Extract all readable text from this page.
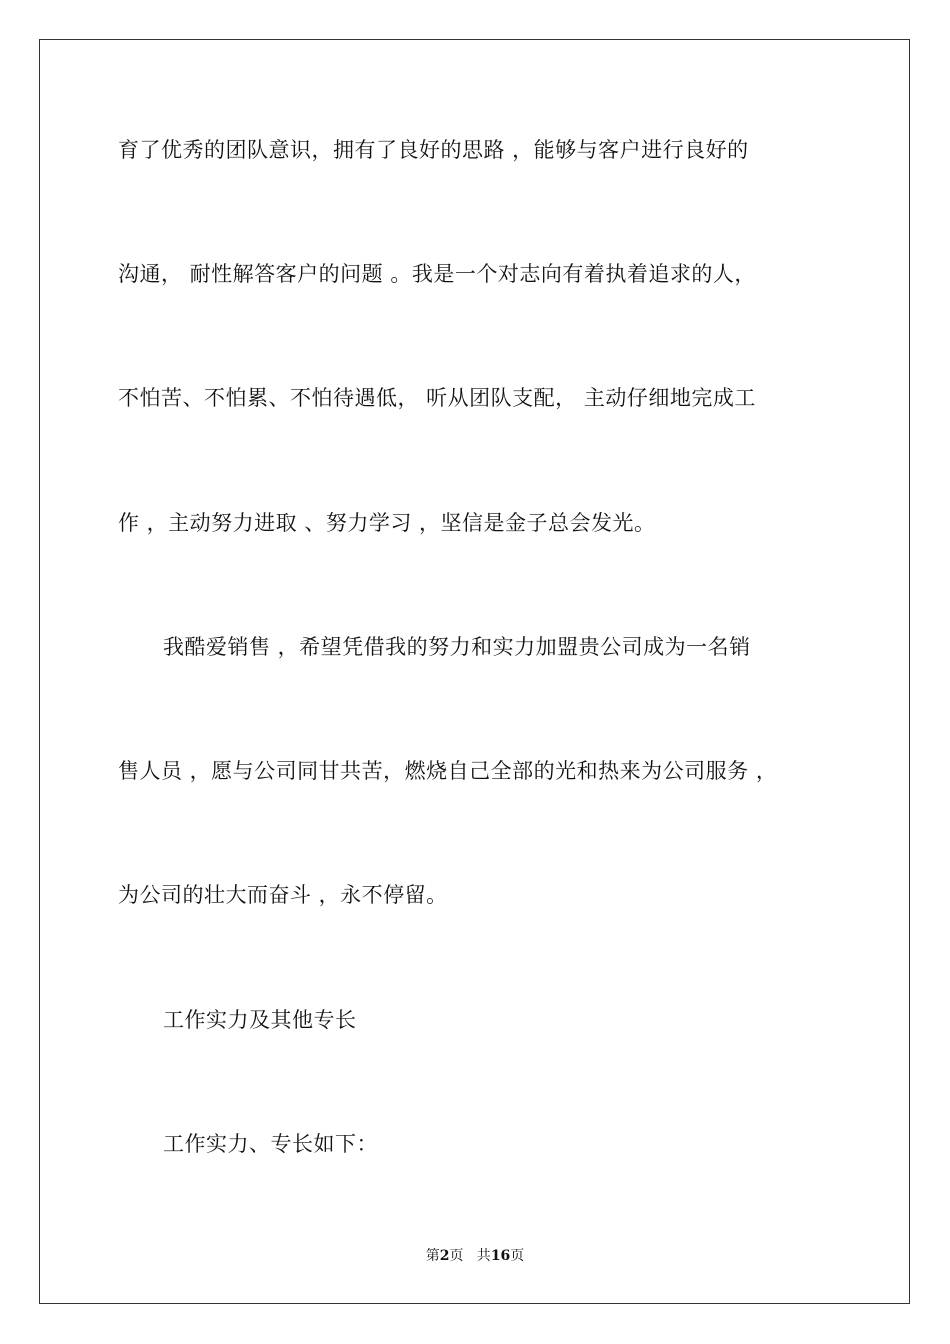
育了优秀的团队意识，拥有了良好的思路 ，能够与客户进行良好的
沟通， 耐性解答客户的问题 。我是一个对志向有着执着追求的人，
不怕苦、不怕累、不怕待遇低， 听从团队支配， 主动仔细地完成工
作 ，主动努力进取 、努力学习 ，坚信是金子总会发光。
我酷爱销售 ，希望凭借我的努力和实力加盟贵公司成为一名销
售人员 ，愿与公司同甘共苦，燃烧自己全部的光和热来为公司服务 ，
为公司的壮大而奋斗 ，永不停留。
工作实力及其他专长
工作实力、专长如下：
第2页   共16页
